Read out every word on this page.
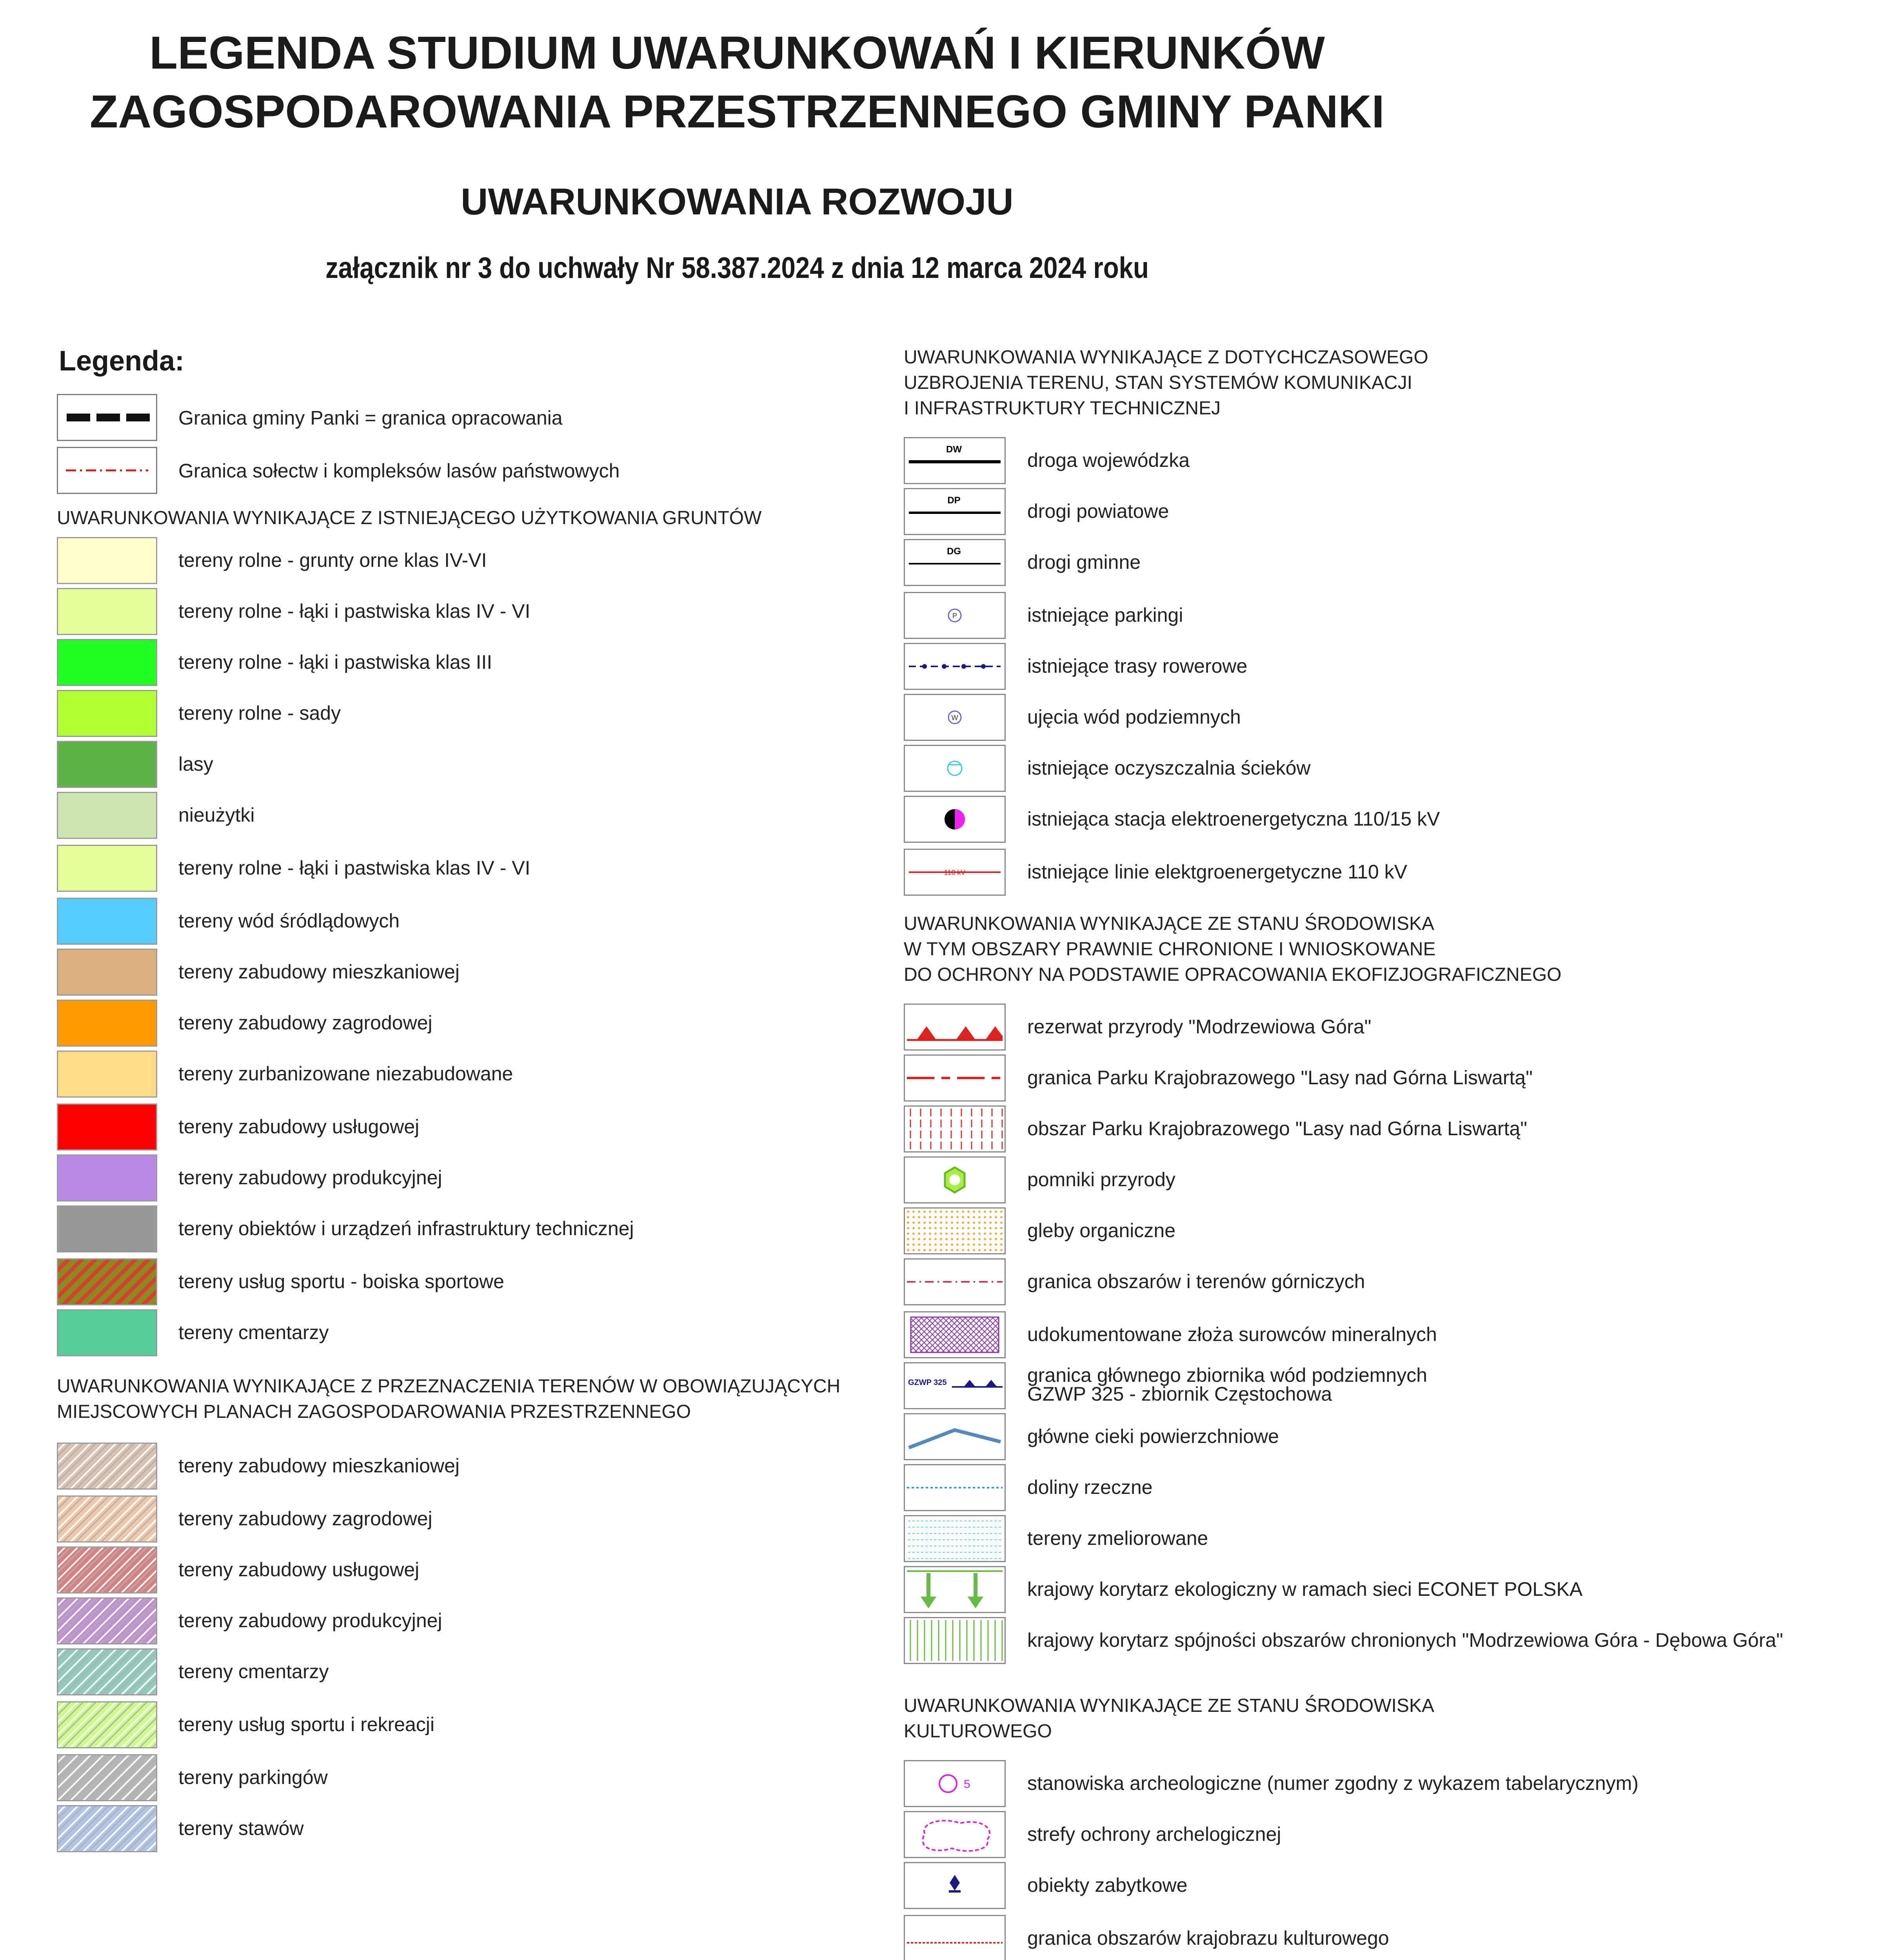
LEGENDA STUDIUM UWARUNKOWAŃ I KIERUNKÓW
ZAGOSPODAROWANIA PRZESTRZENNEGO GMINY PANKI
UWARUNKOWANIA ROZWOJU
załącznik nr 3 do uchwały Nr 58.387.2024 z dnia 12 marca 2024 roku
Legenda:
Granica gminy Panki = granica opracowania
Granica sołectw i kompleksów lasów państwowych
UWARUNKOWANIA WYNIKAJĄCE Z ISTNIEJĄCEGO UŻYTKOWANIA GRUNTÓW
UWARUNKOWANIA WYNIKAJĄCE Z PRZEZNACZENIA TERENÓW W OBOWIĄZUJĄCYCH
MIEJSCOWYCH PLANACH ZAGOSPODAROWANIA PRZESTRZENNEGO
UWARUNKOWANIA WYNIKAJĄCE Z DOTYCHCZASOWEGO
UZBROJENIA TERENU, STAN SYSTEMÓW KOMUNIKACJI
I INFRASTRUKTURY TECHNICZNEJ
UWARUNKOWANIA WYNIKAJĄCE ZE STANU ŚRODOWISKA
W TYM OBSZARY PRAWNIE CHRONIONE I WNIOSKOWANE
DO OCHRONY NA PODSTAWIE OPRACOWANIA EKOFIZJOGRAFICZNEGO
UWARUNKOWANIA WYNIKAJĄCE ZE STANU ŚRODOWISKA
KULTUROWEGO
tereny rolne - grunty orne klas IV-VI
tereny rolne - łąki i pastwiska klas IV - VI
tereny rolne - łąki i pastwiska klas III
tereny rolne - sady
lasy
nieużytki
tereny rolne - łąki i pastwiska klas IV - VI
tereny wód śródlądowych
tereny zabudowy mieszkaniowej
tereny zabudowy zagrodowej
tereny zurbanizowane niezabudowane
tereny zabudowy usługowej
tereny zabudowy produkcyjnej
tereny obiektów i urządzeń infrastruktury technicznej
tereny usług sportu - boiska sportowe
tereny cmentarzy
tereny zabudowy mieszkaniowej
tereny zabudowy zagrodowej
tereny zabudowy usługowej
tereny zabudowy produkcyjnej
tereny cmentarzy
tereny usług sportu i rekreacji
tereny parkingów
tereny stawów
DW	droga wojewódzka
DP	drogi powiatowe
DG	drogi gminne
P	istniejące parkingi
istniejące trasy rowerowe
W	ujęcia wód podziemnych
istniejące oczyszczalnia ścieków
istniejąca stacja elektroenergetyczna 110/15 kV
110 kV	istniejące linie elektgroenergetyczne 110 kV
rezerwat przyrody "Modrzewiowa Góra"
granica Parku Krajobrazowego "Lasy nad Górna Liswartą"
obszar Parku Krajobrazowego "Lasy nad Górna Liswartą"
pomniki przyrody
gleby organiczne
granica obszarów i terenów górniczych
udokumentowane złoża surowców mineralnych
GZWP 325	granica głównego zbiornika wód podziemnych
GZWP 325 - zbiornik Częstochowa
główne cieki powierzchniowe
doliny rzeczne
tereny zmeliorowane
krajowy korytarz ekologiczny w ramach sieci ECONET POLSKA
krajowy korytarz spójności obszarów chronionych "Modrzewiowa Góra - Dębowa Góra"
5	stanowiska archeologiczne (numer zgodny z wykazem tabelarycznym)
strefy ochrony archelogicznej
obiekty zabytkowe
granica obszarów krajobrazu kulturowego
